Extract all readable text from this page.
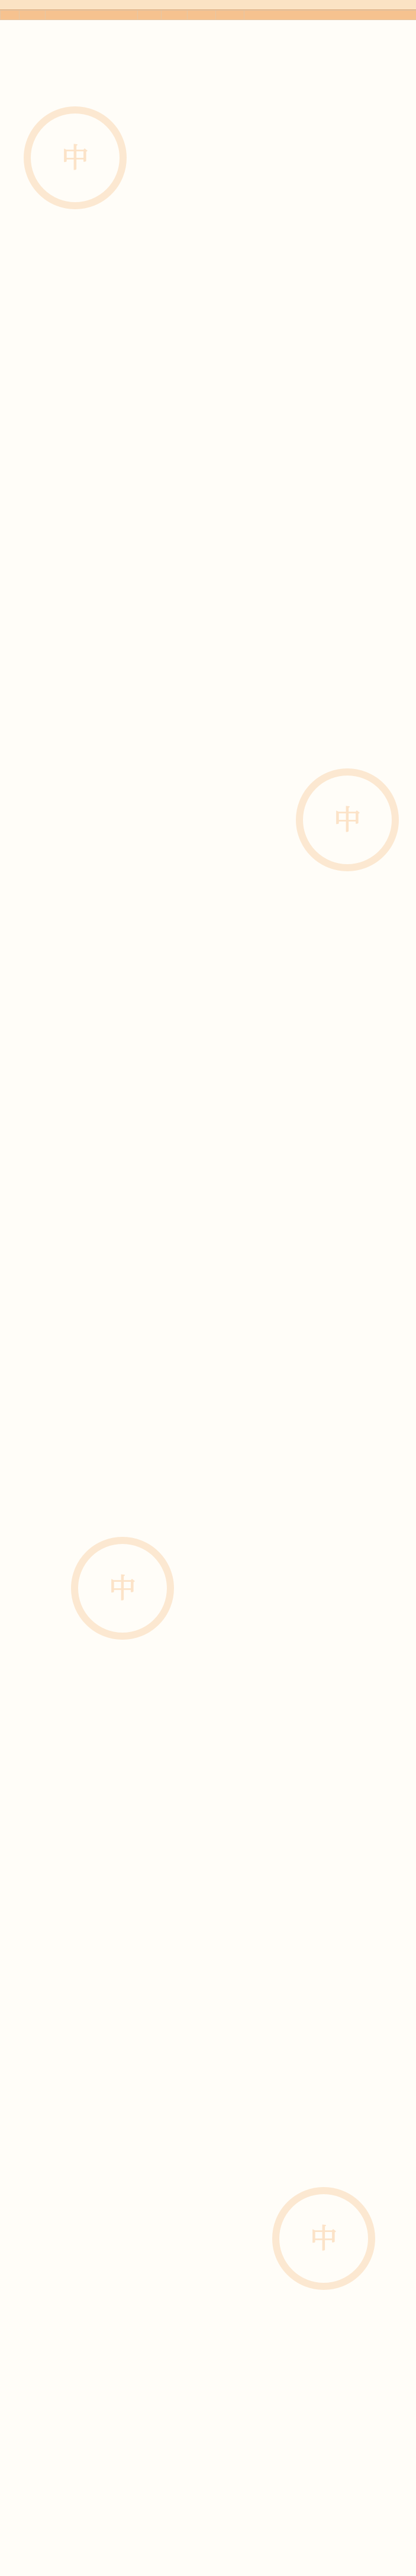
中
中
中
中
